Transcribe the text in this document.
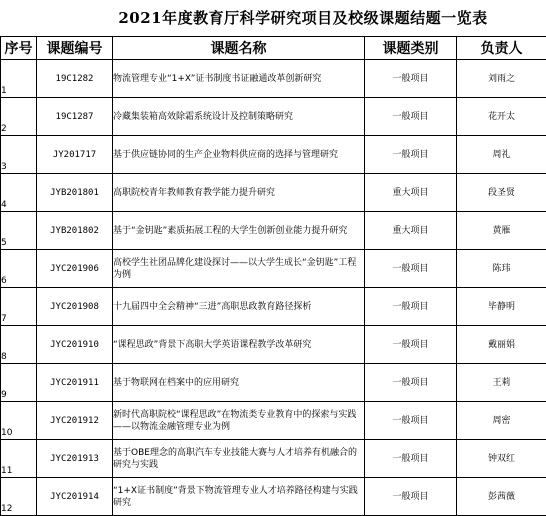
2021年度教育厅科学研究项目及校级课题结题一览表
序号	课题编号	课题名称	课题类别	负责人
1	19C1282	物流管理专业“1+X”证书制度书证融通改革创新研究	一般项目	刘雨之
2	19C1287	冷藏集装箱高效除霜系统设计及控制策略研究	一般项目	花开太
3	JY201717	基于供应链协同的生产企业物料供应商的选择与管理研究	一般项目	周礼
4	JYB201801	高职院校青年教师教育教学能力提升研究	重大项目	段圣贤
5	JYB201802	基于“金钥匙”素质拓展工程的大学生创新创业能力提升研究	重大项目	黄雁
6	JYC201906	高校学生社团品牌化建设探讨——以大学生成长“金钥匙”工程为例	一般项目	陈玮
7	JYC201908	十九届四中全会精神“三进”高职思政教育路径探析	一般项目	毕静明
8	JYC201910	“课程思政”背景下高职大学英语课程教学改革研究	一般项目	戴丽娟
9	JYC201911	基于物联网在档案中的应用研究	一般项目	王莉
10	JYC201912	新时代高职院校“课程思政”在物流类专业教育中的探索与实践——以物流金融管理专业为例	一般项目	周密
11	JYC201913	基于OBE理念的高职汽车专业技能大赛与人才培养有机融合的研究与实践	一般项目	钟双红
12	JYC201914	“1+X证书制度”背景下物流管理专业人才培养路径构建与实践研究	一般项目	彭茜薇
